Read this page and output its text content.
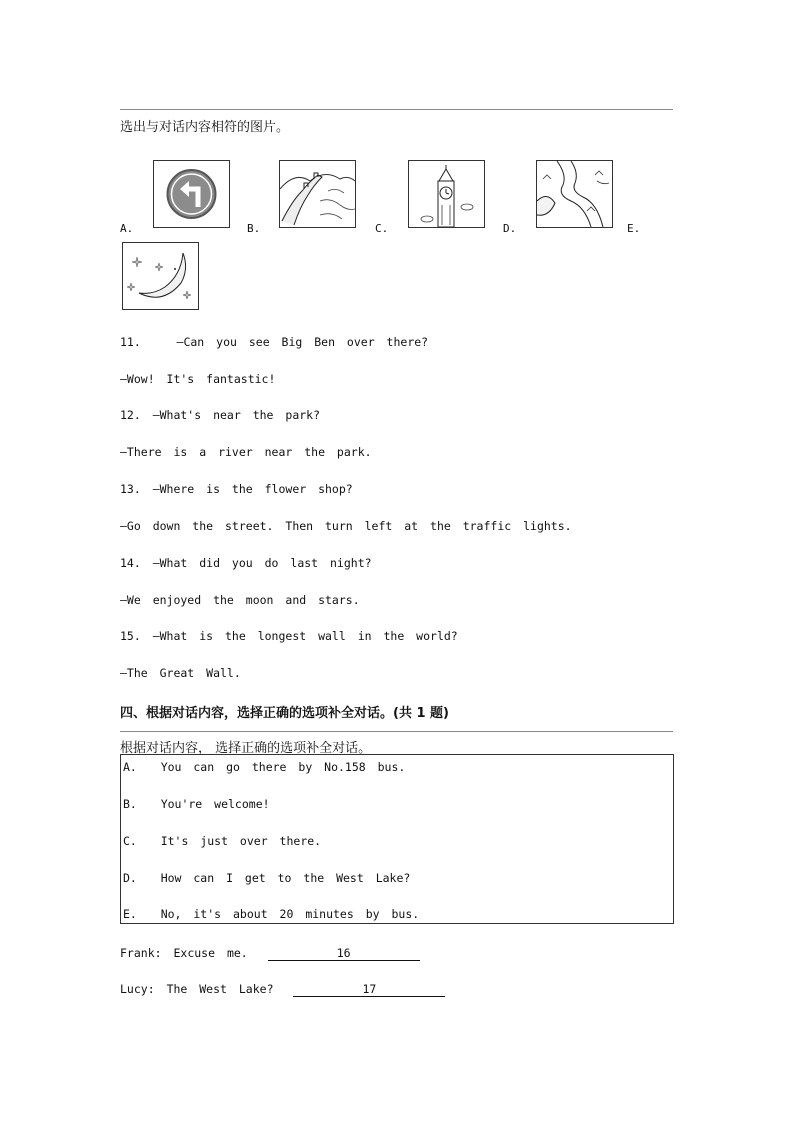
选出与对话内容相符的图片。
A.	B.	C.	D.	E.
11.   —Can you see Big Ben over there?
—Wow! It's fantastic!
12. —What's near the park?
—There is a river near the park.
13. —Where is the flower shop?
—Go down the street. Then turn left at the traffic lights.
14. —What did you do last night?
—We enjoyed the moon and stars.
15. —What is the longest wall in the world?
—The Great Wall.
四、根据对话内容，选择正确的选项补全对话。(共 1 题)
根据对话内容， 选择正确的选项补全对话。
A.  You can go there by No.158 bus.
B.  You're welcome!
C.  It's just over there.
D.  How can I get to the West Lake?
E.  No, it's about 20 minutes by bus.
Frank: Excuse me.	16
Lucy: The West Lake?	17
